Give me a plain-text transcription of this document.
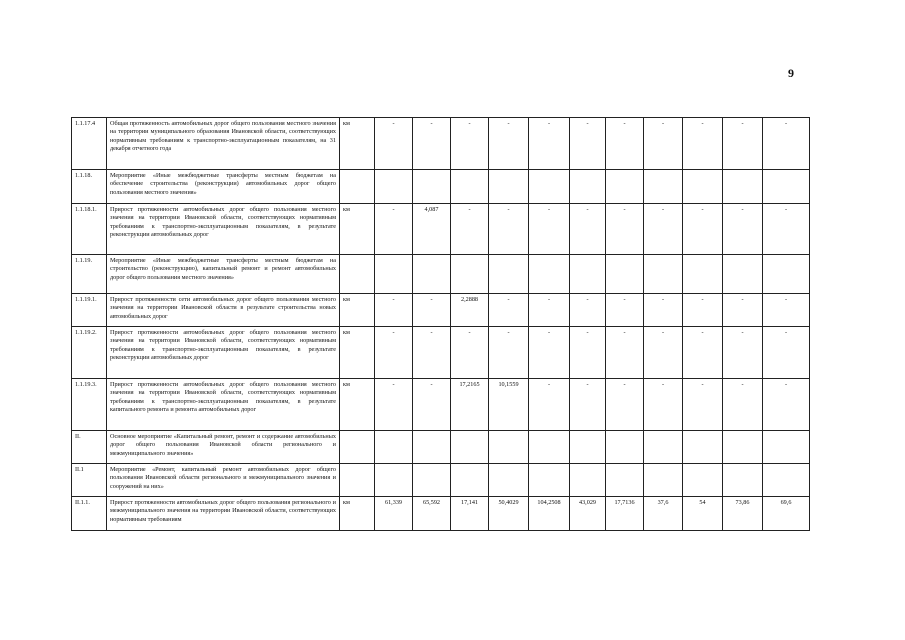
9
1.1.17.4	Общая протяженность автомобильных дорог общего пользования местного значения на территории муниципального образования Ивановской области, соответствующих нормативным требованиям к транспортно-эксплуатационным показателям, на 31 декабря отчетного года	км	-	-	-	-	-	-	-	-	-	-	-	
1.1.18.	Мероприятие «Иные межбюджетные трансферты местным бюджетам на обеспечение строительства (реконструкции) автомобильных дорог общего пользования местного значения»													
1.1.18.1.	Прирост протяженности автомобильных дорог общего пользования местного значения на территории Ивановской области, соответствующих нормативным требованиям к транспортно-эксплуатационным показателям, в результате реконструкции автомобильных дорог	км	-	4,087	-	-	-	-	-	-	-	-	-	
1.1.19.	Мероприятие «Иные межбюджетные трансферты местным бюджетам на строительство (реконструкцию), капитальный ремонт и ремонт автомобильных дорог общего пользования местного значения»													
1.1.19.1.	Прирост протяженности сети автомобильных дорог общего пользования местного значения на территории Ивановской области в результате строительства новых автомобильных дорог	км	-	-	2,2888	-	-	-	-	-	-	-	-	
1.1.19.2.	Прирост протяженности автомобильных дорог общего пользования местного значения на территории Ивановской области, соответствующих нормативным требованиям к транспортно-эксплуатационным показателям, в результате реконструкции автомобильных дорог	км	-	-	-	-	-	-	-	-	-	-	-	
1.1.19.3.	Прирост протяженности автомобильных дорог общего пользования местного значения на территории Ивановской области, соответствующих нормативным требованиям к транспортно-эксплуатационным показателям, в результате капитального ремонта и ремонта автомобильных дорог	км	-	-	17,2165	10,1559	-	-	-	-	-	-	-	
II.	Основное мероприятие «Капитальный ремонт, ремонт и содержание автомобильных дорог общего пользования Ивановской области регионального и межмуниципального значения»													
II.1	Мероприятие «Ремонт, капитальный ремонт автомобильных дорог общего пользования Ивановской области регионального и межмуниципального значения и сооружений на них»													
II.1.1.	Прирост протяженности автомобильных дорог общего пользования регионального и межмуниципального значения на территории Ивановской области, соответствующих нормативным требованиям	км	61,339	65,592	17,141	50,4029	104,2508	43,029	17,7136	37,6	54	73,86	69,6	
